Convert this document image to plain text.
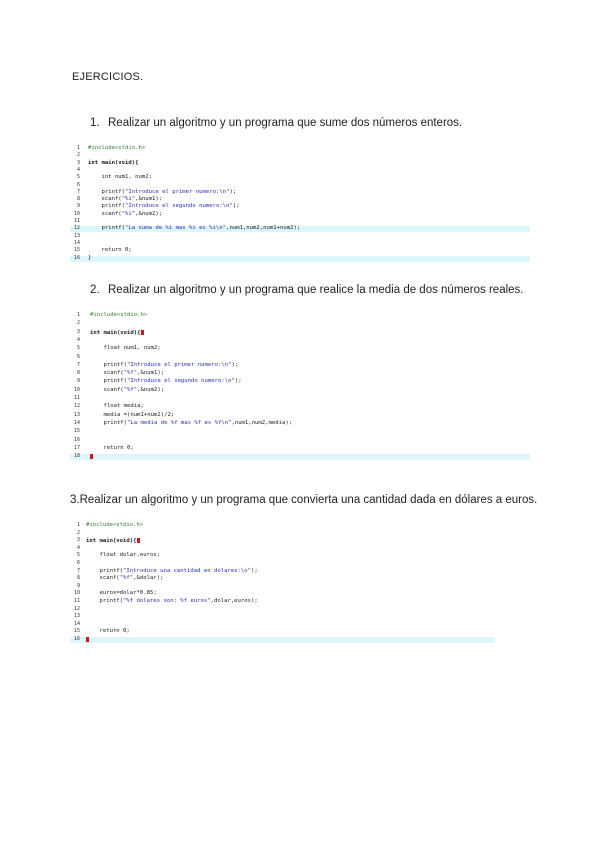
EJERCICIOS.
1. Realizar un algoritmo y un programa que sume dos números enteros.
1 #include<stdio.h>
2
3 int main(void){
4
5 int num1, num2;
6
7 printf("Introduce el primer numero:\n");
8 scanf("%i",&num1);
9 printf("Introduce el segundo numero:\n");
10 scanf("%i",&num2);
11
12 printf("La suma de %i mas %i es %i\n",num1,num2,num1+num2);
13
14
15 return 0;
16 }
2. Realizar un algoritmo y un programa que realice la media de dos números reales.
1 #include<stdio.h>
2
3 int main(void){
4
5 float num1, num2;
6
7 printf("Introduce el primer numero:\n");
8 scanf("%f",&num1);
9 printf("Introduce el segundo numero:\n");
10 scanf("%f",&num2);
11
12 float media;
13 media =(num1+num2)/2;
14 printf("La media de %f mas %f es %f\n",num1,num2,media);
15
16
17 return 0;
18
3.Realizar un algoritmo y un programa que convierta una cantidad dada en dólares a euros.
1 #include<stdio.h>
2
3 int main(void){
4
5 float dolar,euros;
6
7 printf("Introduce una cantidad en dolares:\n");
8 scanf("%f",&dolar);
9
10 euros=dolar*0.85;
11 printf("%f dolares son: %f euros",dolar,euros);
12
13
14
15 return 0;
16
